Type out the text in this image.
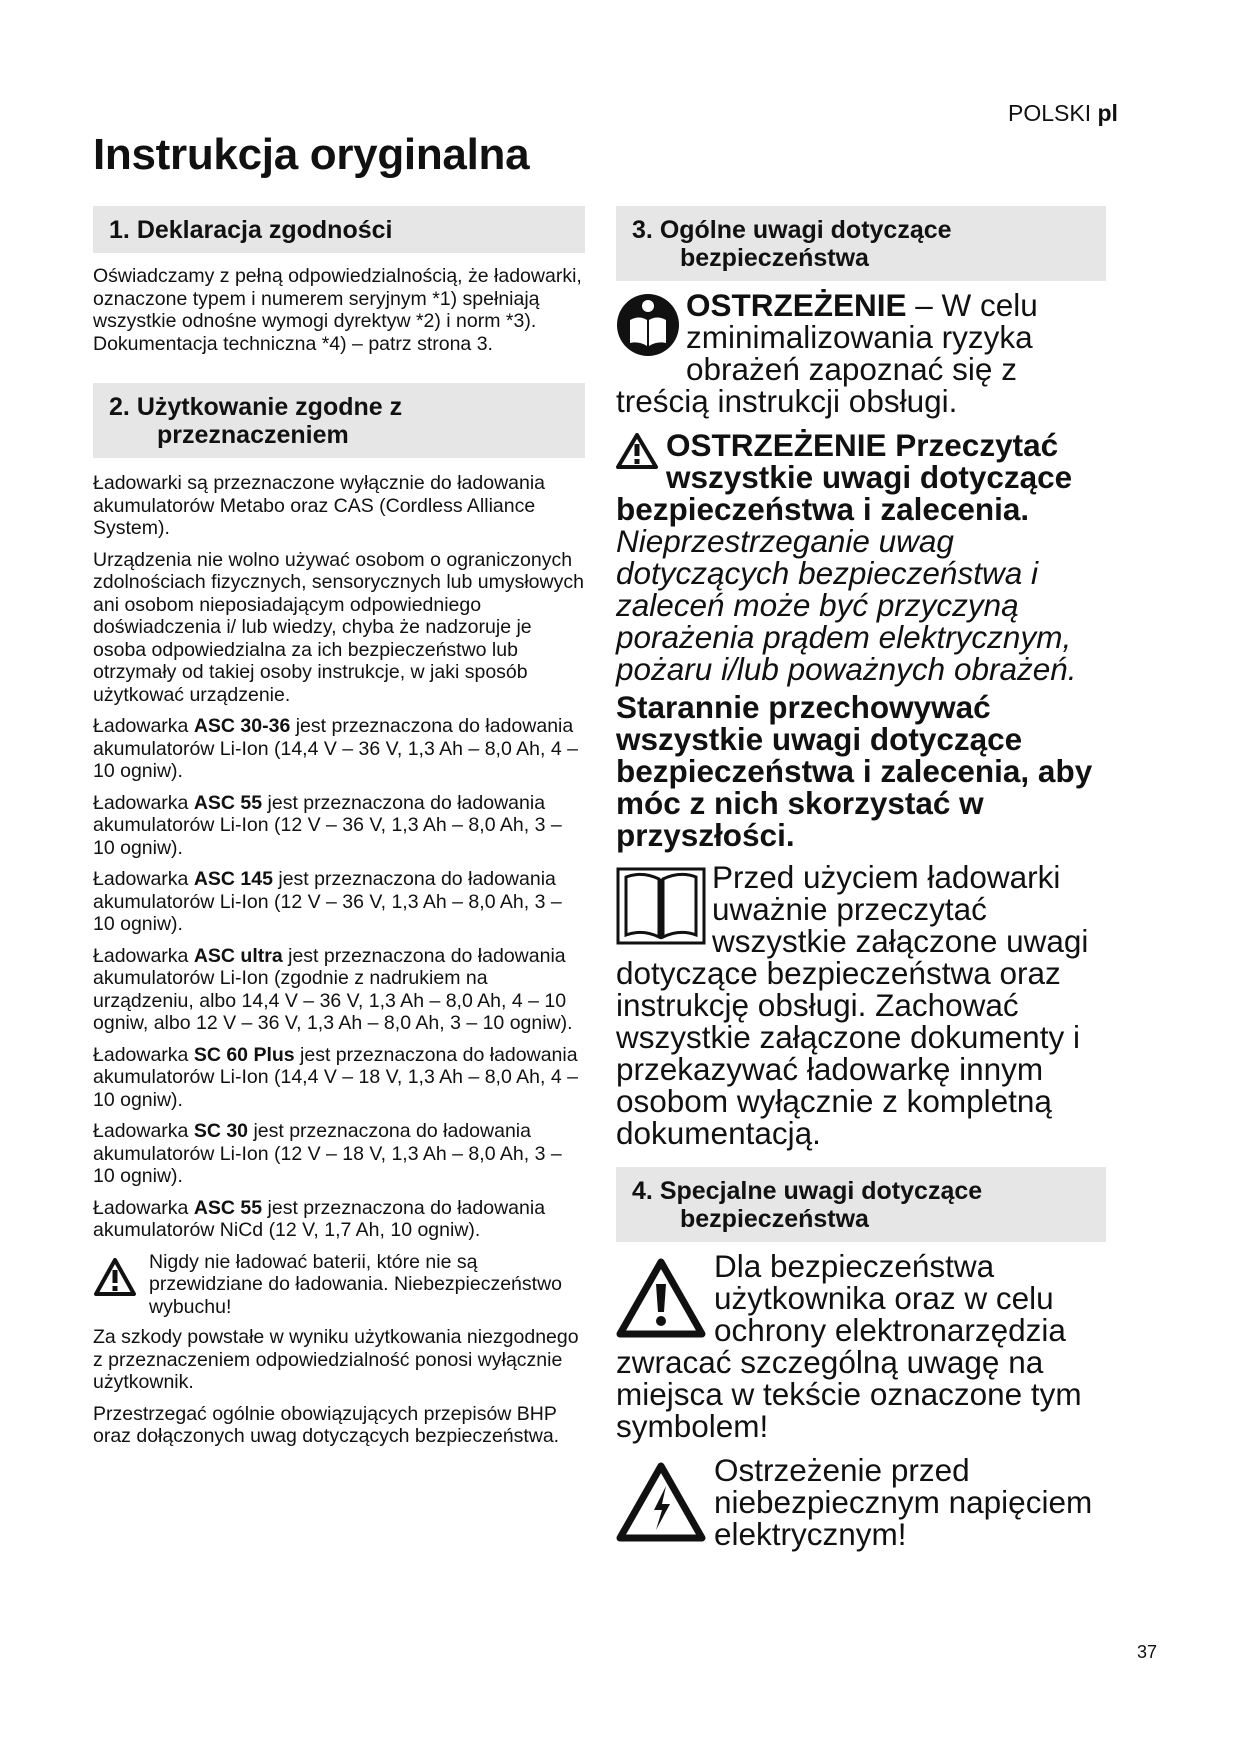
POLSKI pl
Instrukcja oryginalna
1. Deklaracja zgodności

Oświadczamy z pełną odpowiedzialnością, że ładowarki, oznaczone typem i numerem seryjnym *1) spełniają wszystkie odnośne wymogi dyrektyw *2) i norm *3). Dokumentacja techniczna *4) – patrz strona 3.

2. Użytkowanie zgodne z
przeznaczeniem

Ładowarki są przeznaczone wyłącznie do ładowania akumulatorów Metabo oraz CAS (Cordless Alliance System).

Urządzenia nie wolno używać osobom o ograniczonych zdolnościach fizycznych, sensorycznych lub umysłowych ani osobom nieposiadającym odpowiedniego doświadczenia i/ lub wiedzy, chyba że nadzoruje je osoba odpowiedzialna za ich bezpieczeństwo lub otrzymały od takiej osoby instrukcje, w jaki sposób użytkować urządzenie.

Ładowarka ASC 30-36 jest przeznaczona do ładowania akumulatorów Li-Ion (14,4 V – 36 V, 1,3 Ah – 8,0 Ah, 4 – 10 ogniw).

Ładowarka ASC 55 jest przeznaczona do ładowania akumulatorów Li-Ion (12 V – 36 V, 1,3 Ah – 8,0 Ah, 3 – 10 ogniw).

Ładowarka ASC 145 jest przeznaczona do ładowania akumulatorów Li-Ion (12 V – 36 V, 1,3 Ah – 8,0 Ah, 3 – 10 ogniw).

Ładowarka ASC ultra jest przeznaczona do ładowania akumulatorów Li-Ion (zgodnie z nadrukiem na urządzeniu, albo 14,4 V – 36 V, 1,3 Ah – 8,0 Ah, 4 – 10 ogniw, albo 12 V – 36 V, 1,3 Ah – 8,0 Ah, 3 – 10 ogniw).

Ładowarka SC 60 Plus jest przeznaczona do ładowania akumulatorów Li-Ion (14,4 V – 18 V, 1,3 Ah – 8,0 Ah, 4 – 10 ogniw).

Ładowarka SC 30 jest przeznaczona do ładowania akumulatorów Li-Ion (12 V – 18 V, 1,3 Ah – 8,0 Ah, 3 – 10 ogniw).

Ładowarka ASC 55 jest przeznaczona do ładowania akumulatorów NiCd (12 V, 1,7 Ah, 10 ogniw).

Nigdy nie ładować baterii, które nie są przewidziane do ładowania. Niebezpieczeństwo wybuchu!

Za szkody powstałe w wyniku użytkowania niezgodnego z przeznaczeniem odpowiedzialność ponosi wyłącznie użytkownik.

Przestrzegać ogólnie obowiązujących przepisów BHP oraz dołączonych uwag dotyczących bezpieczeństwa.

3. Ogólne uwagi dotyczące
bezpieczeństwa
OSTRZEŻENIE – W celu zminimalizowania ryzyka obrażeń zapoznać się z treścią instrukcji obsługi.
OSTRZEŻENIE Przeczytać wszystkie uwagi dotyczące bezpieczeństwa i zalecenia.
Nieprzestrzeganie uwag dotyczących bezpieczeństwa i zaleceń może być przyczyną porażenia prądem elektrycznym, pożaru i/lub poważnych obrażeń.
Starannie przechowywać wszystkie uwagi dotyczące bezpieczeństwa i zalecenia, aby móc z nich skorzystać w przyszłości.
Przed użyciem ładowarki uważnie przeczytać wszystkie załączone uwagi dotyczące bezpieczeństwa oraz instrukcję obsługi. Zachować wszystkie załączone dokumenty i przekazywać ładowarkę innym osobom wyłącznie z kompletną dokumentacją.
4. Specjalne uwagi dotyczące
bezpieczeństwa
Dla bezpieczeństwa użytkownika oraz w celu ochrony elektronarzędzia zwracać szczególną uwagę na miejsca w tekście oznaczone tym symbolem!
Ostrzeżenie przed niebezpiecznym napięciem elektrycznym!
37
